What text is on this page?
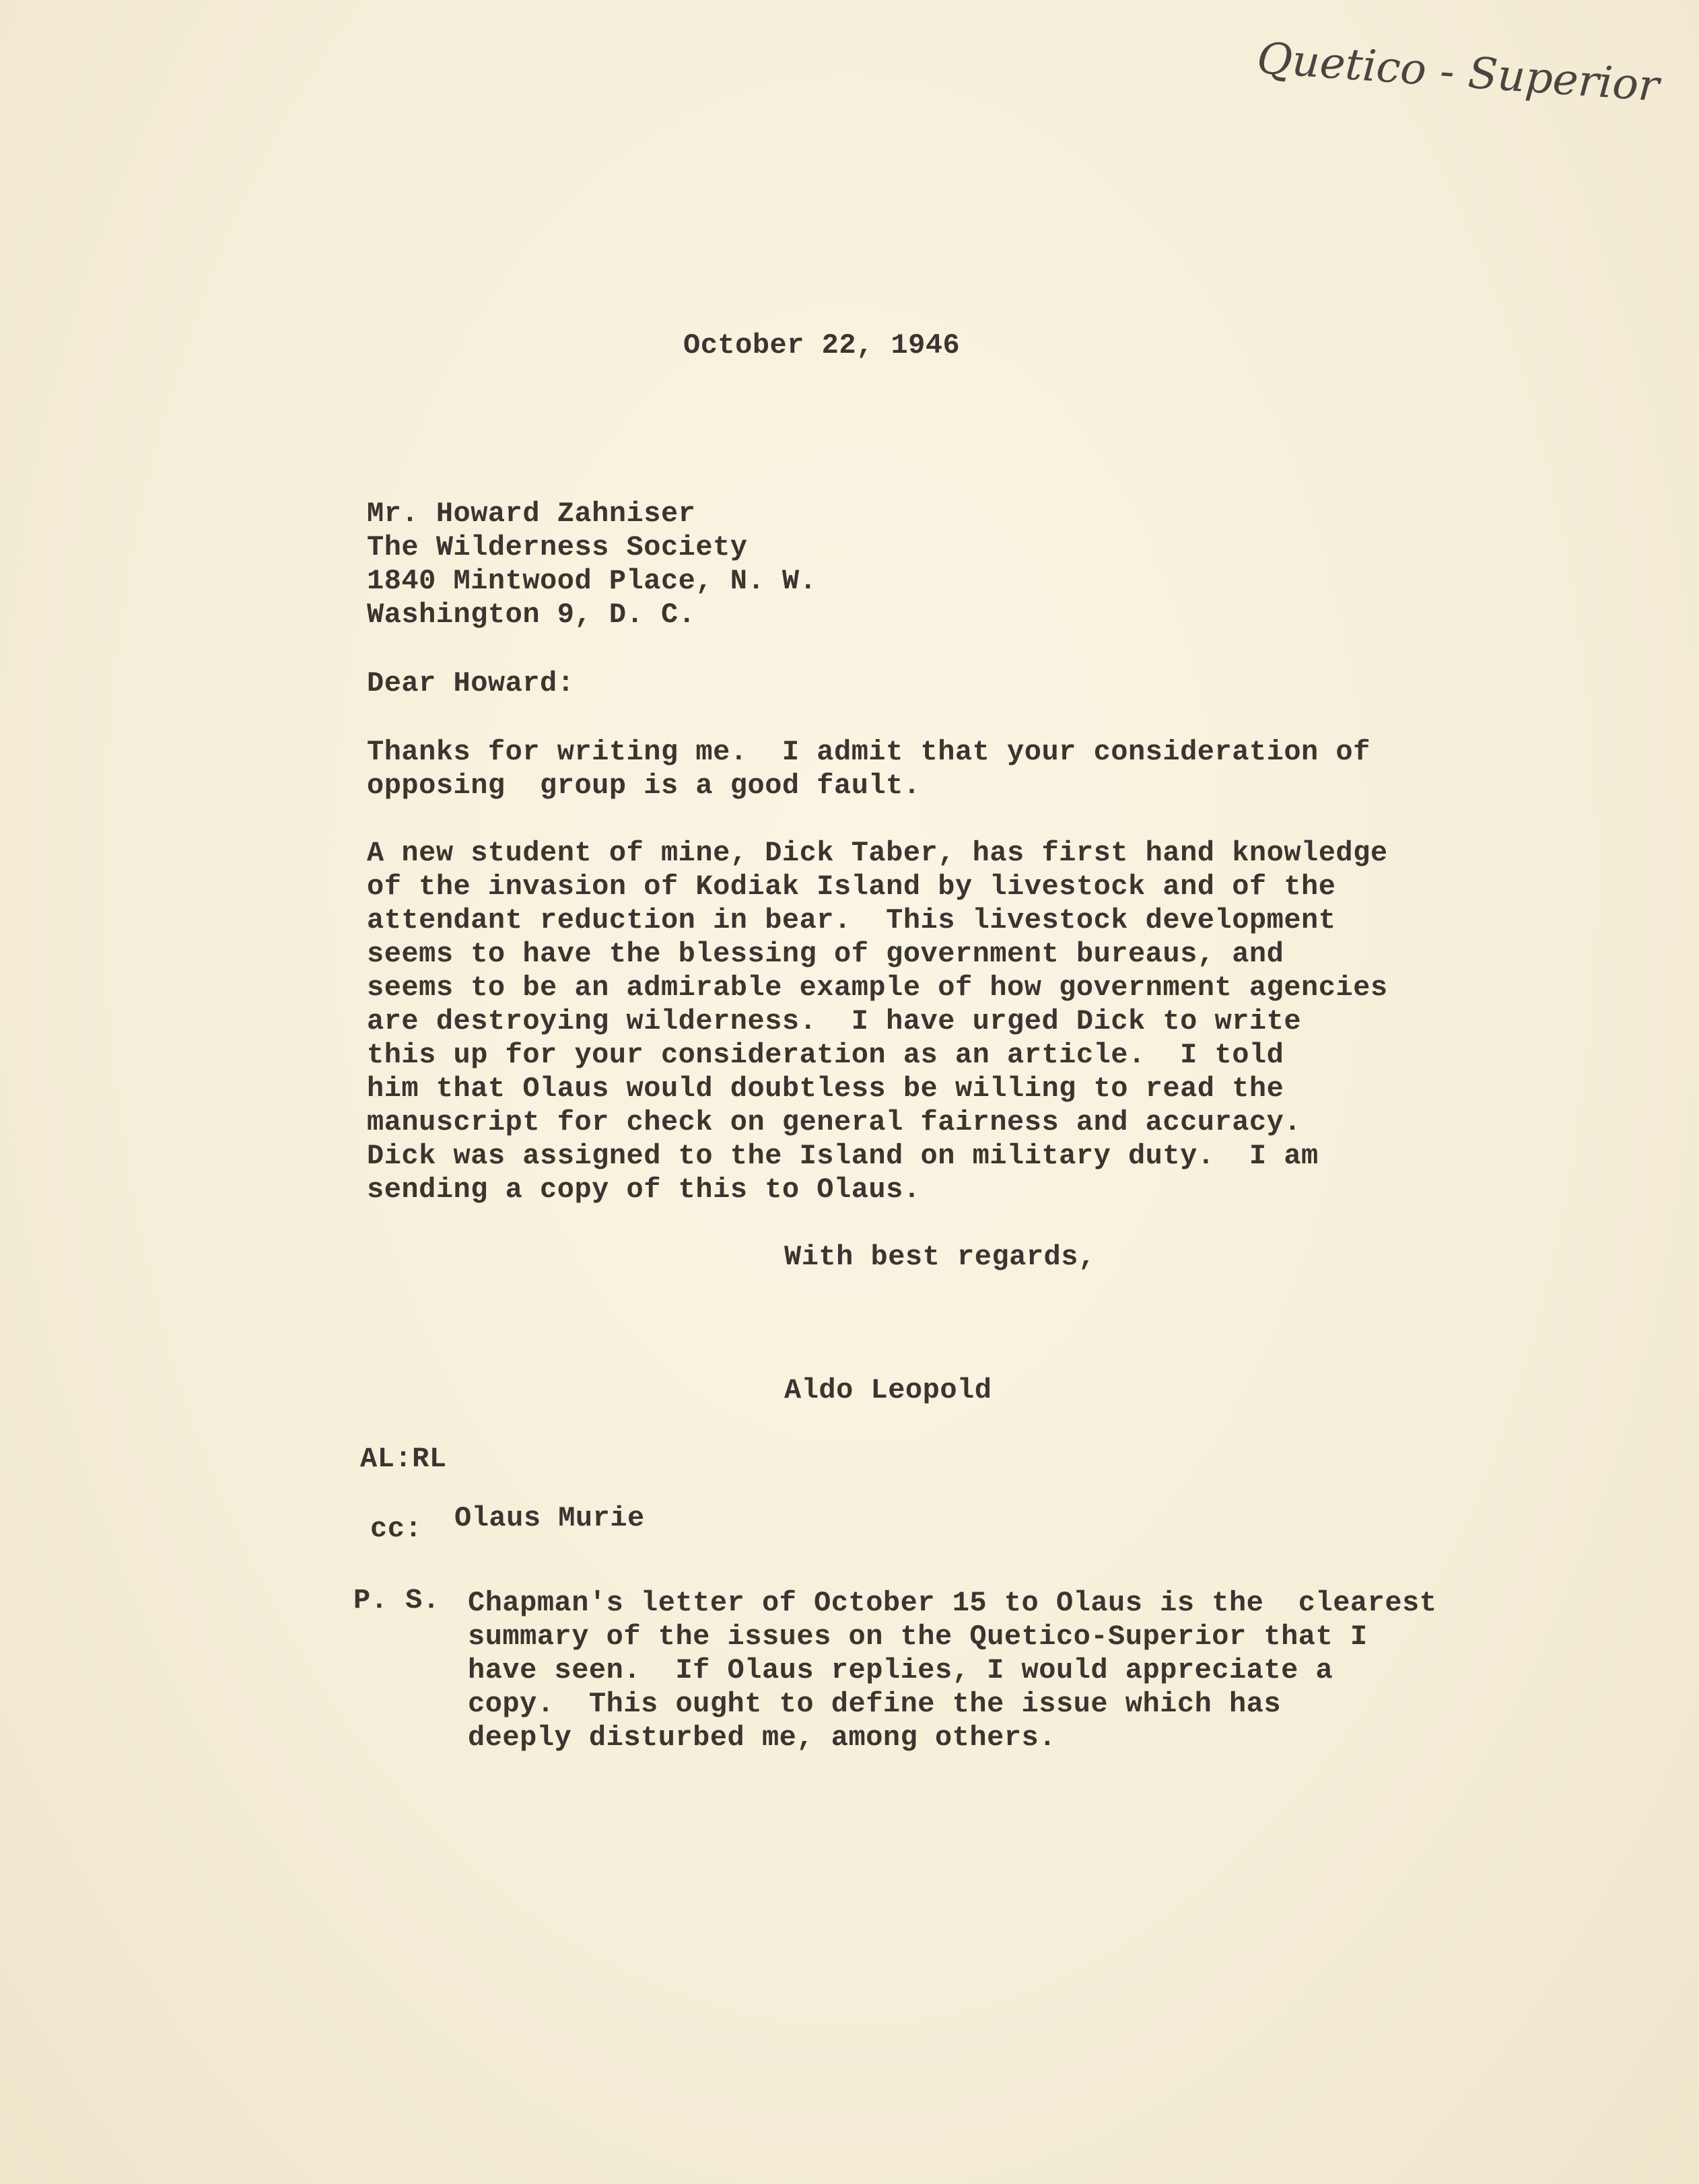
Quetico - Superior
October 22, 1946
Mr. Howard Zahniser
The Wilderness Society
1840 Mintwood Place, N. W.
Washington 9, D. C.
Dear Howard:
Thanks for writing me.  I admit that your consideration of
opposing  group is a good fault.
A new student of mine, Dick Taber, has first hand knowledge
of the invasion of Kodiak Island by livestock and of the
attendant reduction in bear.  This livestock development
seems to have the blessing of government bureaus, and
seems to be an admirable example of how government agencies
are destroying wilderness.  I have urged Dick to write
this up for your consideration as an article.  I told
him that Olaus would doubtless be willing to read the
manuscript for check on general fairness and accuracy.
Dick was assigned to the Island on military duty.  I am
sending a copy of this to Olaus.
With best regards,
Aldo Leopold
AL:RL
cc: Olaus Murie
P. S. Chapman's letter of October 15 to Olaus is the  clearest
summary of the issues on the Quetico-Superior that I
have seen.  If Olaus replies, I would appreciate a
copy.  This ought to define the issue which has
deeply disturbed me, among others.
